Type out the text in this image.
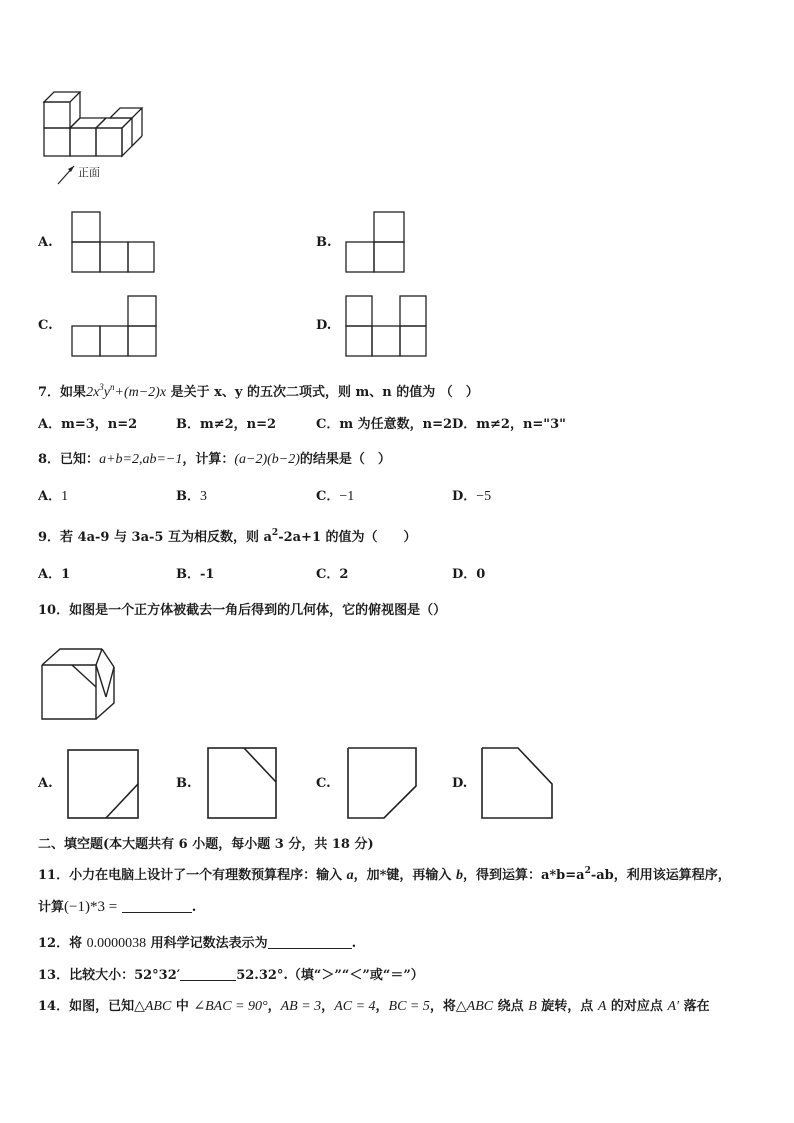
正面
A.	B.
C.	D.
7．如果$2x^3y^n+(m-2)x$ 是关于 x、y 的五次二项式，则 m、n 的值为 （　）
A．m=3，n=2	B．m≠2，n=2	C．m 为任意数，n=2 D．m≠2，n="3"
8．已知：a+b=2,ab=−1，计算：(a−2)(b−2)的结果是（　）
A．1	B．3	C．−1	D．−5
9．若 4a-9 与 3a-5 互为相反数，则 $a^2-2a+1$ 的值为（　　）
A．1	B．-1	C．2	D．0
10．如图是一个正方体被截去一角后得到的几何体，它的俯视图是（）
A.	B.	C.	D.
二、填空题(本大题共有 6 小题，每小题 3 分，共 18 分)
11．小力在电脑上设计了一个有理数预算程序：输入 a，加*键，再输入 b，得到运算：$a*b=a^2-ab$，利用该运算程序，
计算(−1)*3 =	.
12．将 0.0000038 用科学记数法表示为	.
13．比较大小：52°32′	52.32°.（填“＞”“＜”或“＝”）
14．如图，已知△ABC 中 ∠BAC = 90°，AB = 3，AC = 4，BC = 5，将△ABC 绕点 B 旋转，点 A 的对应点 A′ 落在
